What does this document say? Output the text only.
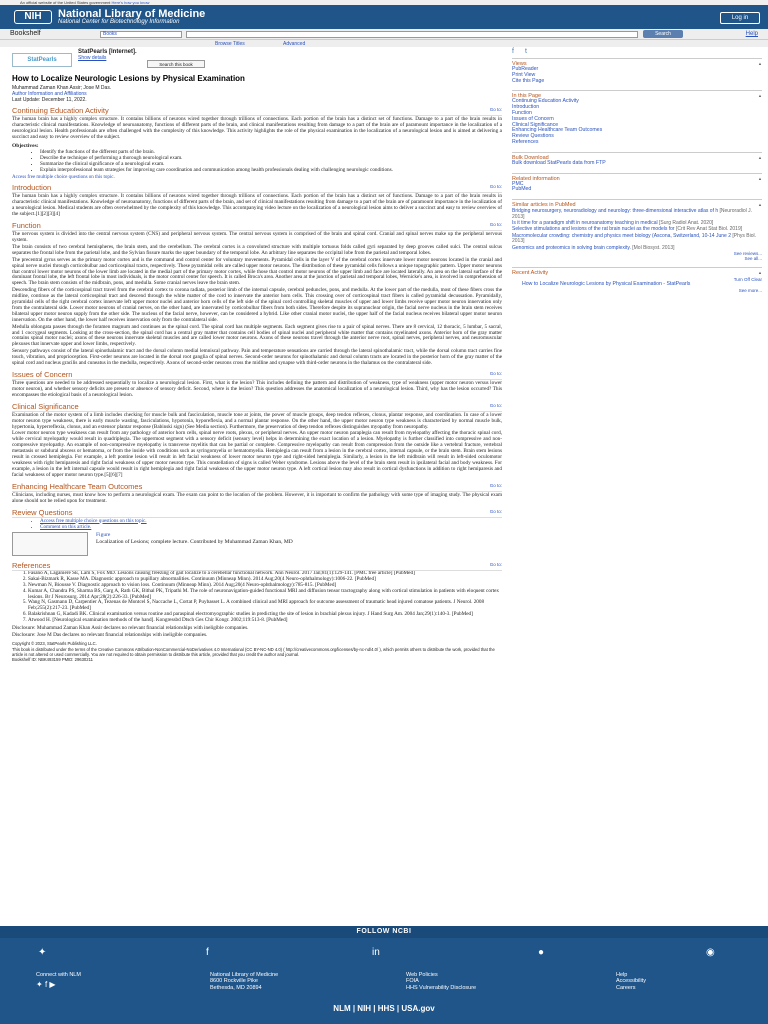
An official website of the United States government Here's how you know
NIH	National Library of Medicine
National Center for Biotechnology Information
Log in
Bookshelf	Books	Search	Help
Browse Titles	Advanced
StatPearls
StatPearls [Internet].
Show details
Search this book
How to Localize Neurologic Lesions by Physical Examination
Muhammad Zaman Khan Assir; Jose M Das.
Author Information and Affiliations
Last Update: December 11, 2022.
Continuing Education Activity	Go to:

The human brain has a highly complex structure. It contains billions of neurons wired together through trillions of connections. Each portion of the brain has a distinct set of functions. Damage to a part of the brain results in characteristic clinical manifestations. Knowledge of neuroanatomy, functions of different parts of the brain, and clinical manifestations resulting from damage to a part of the brain are of paramount importance in the localization of a neurological lesion. Health professionals are often challenged with the complexity of this knowledge. This activity highlights the role of the physical examination in the localization of a neurological lesion and is aimed at delivering a succinct and easy to review overview of the subject.

Objectives:
• Identify the functions of the different parts of the brain.
• Describe the technique of performing a thorough neurological exam.
• Summarize the clinical significance of a neurological exam.
• Explain interprofessional team strategies for improving care coordination and communication among health professionals dealing with challenging neurologic conditions.
Access free multiple choice questions on this topic.
Introduction	Go to:

The human brain has a highly complex structure. It contains billions of neurons wired together through trillions of connections. Each portion of the brain has a distinct set of functions. Damage to a part of the brain results in characteristic clinical manifestations. Knowledge of neuroanatomy, functions of different parts of the brain, and set of clinical manifestations resulting from damage to a part of the brain are of paramount importance in the localization of a neurological lesion. Medical students are often overwhelmed by the complexity of this knowledge. This accompanying video lecture on the localization of a neurological lesion aims to deliver a succinct and easy to review overview of the subject.[1][2][3][4]

Function	Go to:

The nervous system is divided into the central nervous system (CNS) and peripheral nervous system. The central nervous system is comprised of the brain and spinal cord. Cranial and spinal nerves make up the peripheral nervous system.

The brain consists of two cerebral hemispheres, the brain stem, and the cerebellum. The cerebral cortex is a convoluted structure with multiple tortuous folds called gyri separated by deep grooves called sulci. The central sulcus separates the frontal lobe from the parietal lobe, and the Sylvian fissure marks the upper boundary of the temporal lobe. An arbitrary line separates the occipital lobe from the parietal and temporal lobes.

The precentral gyrus serves as the primary motor cortex and is the command and control center for voluntary movements. Pyramidal cells in the layer V of the cerebral cortex innervate lower motor neurons located in the cranial and spinal nerve nuclei through corticobulbar and corticospinal tracts, respectively. These pyramidal cells are called upper motor neurons. The distribution of these pyramidal cells follows a unique topographic pattern. Upper motor neurons that control lower motor neurons of the lower limb are located in the medial part of the primary motor cortex, while those that control motor neurons of the upper limb and face are located laterally. An area on the lateral surface of the dominant frontal lobe, the left frontal lobe in most individuals, is the motor control center for speech. It is called Broca's area. Another area at the junction of parietal and temporal lobes, Wernicke's area, is involved in comprehension of speech. The brain stem consists of the midbrain, pons, and medulla. Some cranial nerves leave the brain stem.

Descending fibers of the corticospinal tract travel from the cerebral cortex to corona radiata, posterior limb of the internal capsule, cerebral peduncles, pons, and medulla. At the lower part of the medulla, most of these fibers cross the midline, continue as the lateral corticospinal tract and descend through the white matter of the cord to innervate the anterior horn cells. This crossing over of corticospinal tract fibers is called pyramidal decussation. Pyramidally, pyramidal cells of the right cerebral cortex innervate left upper motor nuclei and anterior horn cells of the left side of the spinal cord controlling skeletal muscles of upper and lower limbs receive upper motor neuron innervation only from the contralateral side. Lower motor neurons of cranial nerves, on the other hand, are innervated by corticobulbar fibers from both sides. Therefore despite its supranuclear origin, the facial nerve nucleus in the brain stem receives bilateral upper motor neuron supply from the other side. The nucleus of the facial nerve, however, can be considered a hybrid. Like other cranial motor nuclei, the upper half of the facial nucleus receives bilateral upper motor neuron innervation. On the other hand, the lower half receives innervation only from the contralateral side.

Medulla oblongata passes through the foramen magnum and continues as the spinal cord. The spinal cord has multiple segments. Each segment gives rise to a pair of spinal nerves. There are 8 cervical, 12 thoracic, 5 lumbar, 5 sacral, and 1 coccygeal segments. Looking at the cross-section, the spinal cord has a central gray matter that contains cell bodies of spinal nuclei and peripheral white matter that contains myelinated axons. Anterior horn of the gray matter contains spinal motor nuclei; axons of these neurons innervate skeletal muscles and are called lower motor neurons. Axons of these neurons travel through the anterior nerve root, spinal nerves, peripheral nerves, and neuromuscular plexuses that innervate upper and lower limbs, respectively.

Sensory pathways consist of the lateral spinothalamic tract and the dorsal column medial lemniscal pathway. Pain and temperature sensations are carried through the lateral spinothalamic tract, while the dorsal column tract carries fine touch, vibration, and proprioception. First-order neurons are located in the dorsal root ganglia of spinal nerves. Second-order neurons for spinothalamic and dorsal column tracts are located in the posterior horn of the gray matter of the spinal cord and nucleus gracilis and cuneatus in the medulla, respectively. Axons of second-order neurons cross the midline and synapse with third-order neurons in the thalamus on the contralateral side.

Issues of Concern	Go to:

Three questions are needed to be addressed sequentially to localize a neurological lesion. First, what is the lesion? This includes defining the pattern and distribution of weakness, type of weakness (upper motor neuron versus lower motor neuron), and whether sensory deficits are present or absence of sensory deficit. Second, where is the lesion? This question addresses the anatomical localization of a neurological lesion. Third, why has the lesion occurred? This encompasses the etiological basis of a neurological lesion.

Clinical Significance	Go to:

Examination of the motor system of a limb includes checking for muscle bulk and fasciculation, muscle tone at joints, the power of muscle groups, deep tendon reflexes, clonus, plantar response, and coordination. In case of a lower motor neuron type weakness, there is early muscle wasting, fasciculations, hypotonia, hyporeflexia, and a normal plantar response. On the other hand, the upper motor neuron type weakness is characterized by normal muscle bulk, hypertonia, hyperreflexia, clonus, and an extensor plantar response (Babinski sign) (See Media section). Furthermore, the preservation of deep tendon reflexes distinguishes myopathy from neuropathy.

Lower motor neuron type weakness can result from any pathology of anterior horn cells, spinal nerve roots, plexus, or peripheral nerves. An upper motor neuron paraplegia can result from myelopathy affecting the thoracic spinal cord, while cervical myelopathy would result in quadriplegia. The uppermost segment with a sensory deficit (sensory level) helps in determining the exact location of a lesion. Myelopathy is further classified into compressive and non-compressive myelopathy. An example of non-compressive myelopathy is transverse myelitis that can be partial or complete. Compressive myelopathy can result from compression from the outside like a vertebral fracture, vertebral metastasis or subdural abscess or hematoma, or from the inside with conditions such as syringomyelia or hematomyelia. Hemiplegia can result from a lesion in the cerebral cortex, internal capsule, or the brain stem. Brain stem lesions result in crossed hemiplegia. For example, a left pontine lesion will result in left facial weakness of lower motor neuron type and right-sided hemiplegia. Similarly, a lesion in the left midbrain will result in left-sided oculomotor weakness with right hemiparesis and right facial weakness of upper motor neuron type. This constellation of signs is called Weber syndrome. Lesions above the level of the brain stem result in ipsilateral facial and body weakness. For example, a lesion in the left internal capsule would result in right hemiplegia and right facial weakness of the upper motor neuron type. A left cortical lesion may also result in cortical dysfunctions in addition to right hemiparesis and facial weakness of upper motor neuron type.[5][6][7]

Enhancing Healthcare Team Outcomes	Go to:

Clinicians, including nurses, must know how to perform a neurological exam. The exam can point to the location of the problem. However, it is important to confirm the pathology with some type of imaging study. The physical exam alone should not be relied upon for treatment.

Review Questions	Go to:
• Access free multiple choice questions on this topic.
• Comment on this article.
Figure
Localization of Lesions; complete lecture. Contributed by Muhammad Zaman Khan, MD
References	Go to:
1. Fasano A, Laganiere SE, Lam S, Fox MD. Lesions causing freezing of gait localize to a cerebellar functional network. Ann Neurol. 2017 Jan;81(1):129-141. [PMC free article] [PubMed]
2. Sakai-Bizmark R, Kasse MA. Diagnostic approach to pupillary abnormalities. Continuum (Minneap Minn). 2014 Aug;20(4 Neuro-ophthalmology):1006-22. [PubMed]
3. Newman N, Biousse V. Diagnostic approach to vision loss. Continuum (Minneap Minn). 2014 Aug;20(4 Neuro-ophthalmology):785-815. [PubMed]
4. Kumar A, Chandra PS, Sharma BS, Garg A, Rath GK, Bithal PK, Tripathi M. The role of neuronavigation-guided functional MRI and diffusion tensor tractography along with cortical stimulation in patients with eloquent cortex lesions. Br J Neurosurg. 2014 Apr;28(2):226-33. [PubMed]
5. Wang N, Gasmann D, Carpentier A, Tezenas de Montcel S, Naccache L, Cortat P, Puybasset L. A combined clinical and MRI approach for outcome assessment of traumatic head injured comatose patients. J Neurol. 2008 Feb;255(2):217-23. [PubMed]
6. Balakrishnan G, Kadadi BK. Clinical examination versus routine and paraspinal electromyographic studies in predicting the site of lesion in brachial plexus injury. J Hand Surg Am. 2004 Jan;29(1):140-3. [PubMed]
7. Atwood H. [Neurological examination methods of the hand]. Kongressbd Dtsch Ges Chir Kongr. 2002;119:513-8. [PubMed]
Disclosure: Muhammad Zaman Khan Assir declares no relevant financial relationships with ineligible companies.
Disclosure: Jose M Das declares no relevant financial relationships with ineligible companies.
Copyright © 2023, StatPearls Publishing LLC.
This book is distributed under the terms of the Creative Commons Attribution-NonCommercial-NoDerivatives 4.0 International (CC BY-NC-ND 4.0) ( http://creativecommons.org/licenses/by-nc-nd/4.0/ ), which permits others to distribute the work, provided that the article is not altered or used commercially. You are not required to obtain permission to distribute this article, provided that you credit the author and journal.
Bookshelf ID: NBK493159 PMID: 29630211
f t
Views	▲
PubReader
Print View
Cite this Page
In this Page	▲
Continuing Education Activity
Introduction
Function
Issues of Concern
Clinical Significance
Enhancing Healthcare Team Outcomes
Review Questions
References
Bulk Download	▲
Bulk download StatPearls data from FTP
Related information	▲
PMC
PubMed
Similar articles in PubMed	▲
Bridging neurosurgery, neuroradiology and neurology: three-dimensional interactive atlas of h [Neuroradiol J. 2013]
Is it time for a paradigm shift in neuroanatomy teaching in medical [Surg Radiol Anat. 2020]
Selective stimulations and lesions of the rat brain nuclei as the models for [Crit Rev Anat Stat Biol. 2019]
Macromolecular crowding: chemistry and physics meet biology (Ascona, Switzerland, 10-14 June 2 [Phys Biol. 2013]
Genomics and proteomics in solving brain complexity. [Mol Biosyst. 2013]
See reviews...
See all...
Recent Activity	▲
Turn Off Clear
How to Localize Neurologic Lesions by Physical Examination - StatPearls
See more...
FOLLOW NCBI
✦	f	in	●	◉
Connect with NLM
✦ f ▶
National Library of Medicine
8600 Rockville Pike
Bethesda, MD 20894
Web Policies
FOIA
HHS Vulnerability Disclosure
Help
Accessibility
Careers
NLM | NIH | HHS | USA.gov
